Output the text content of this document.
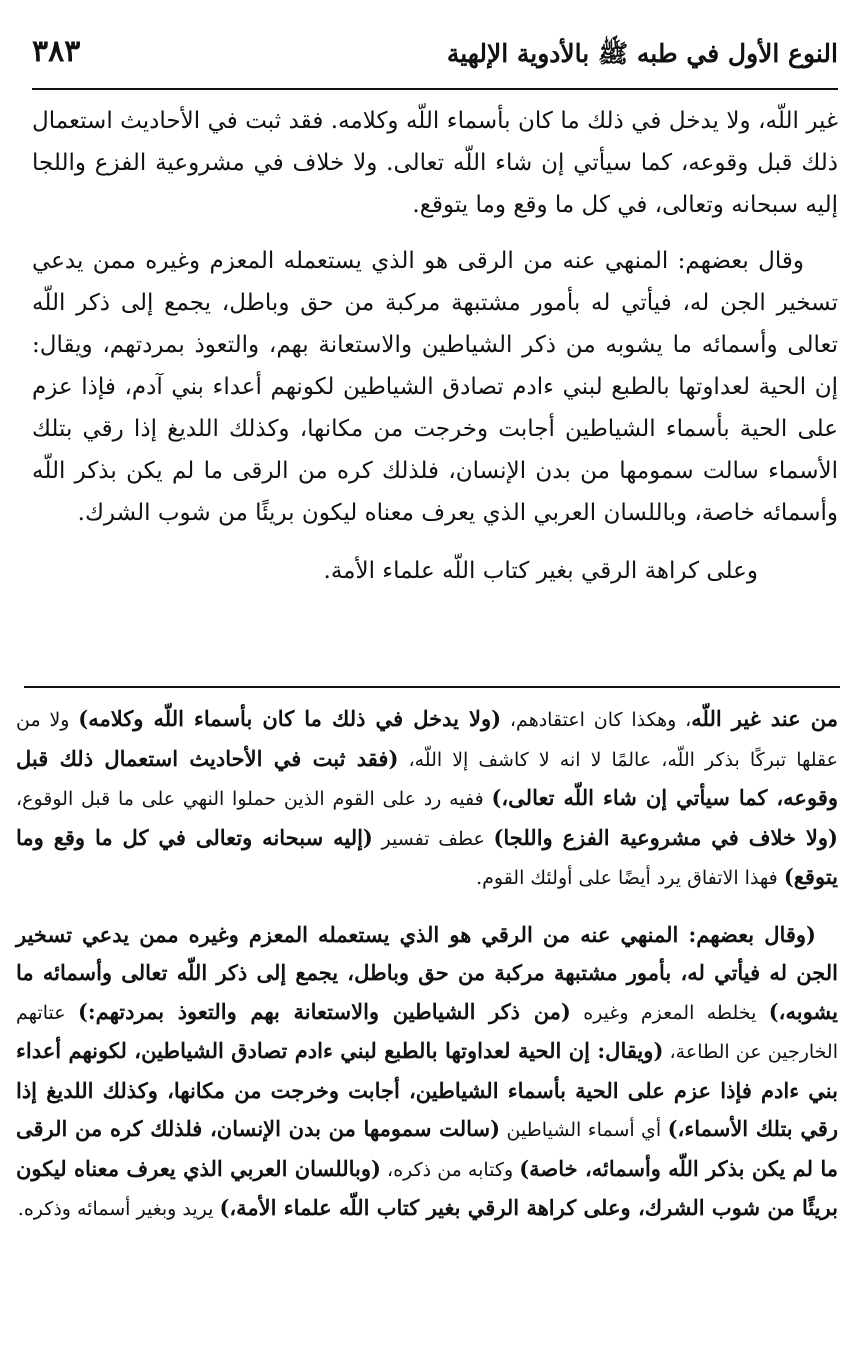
النوع الأول في طبه ﷺ بالأدوية الإلهية
٣٨٣

غير اللّه، ولا يدخل في ذلك ما كان بأسماء اللّه وكلامه. فقد ثبت في الأحاديث استعمال ذلك قبل وقوعه، كما سيأتي إن شاء اللّه تعالى. ولا خلاف في مشروعية الفزع واللجا إليه سبحانه وتعالى، في كل ما وقع وما يتوقع.

وقال بعضهم: المنهي عنه من الرقى هو الذي يستعمله المعزم وغيره ممن يدعي تسخير الجن له، فيأتي له بأمور مشتبهة مركبة من حق وباطل، يجمع إلى ذكر اللّه تعالى وأسمائه ما يشوبه من ذكر الشياطين والاستعانة بهم، والتعوذ بمردتهم، ويقال: إن الحية لعداوتها بالطبع لبني ءادم تصادق الشياطين لكونهم أعداء بني آدم، فإذا عزم على الحية بأسماء الشياطين أجابت وخرجت من مكانها، وكذلك اللديغ إذا رقي بتلك الأسماء سالت سمومها من بدن الإنسان، فلذلك كره من الرقى ما لم يكن بذكر اللّه وأسمائه خاصة، وباللسان العربي الذي يعرف معناه ليكون بريئًا من شوب الشرك.

وعلى كراهة الرقي بغير كتاب اللّه علماء الأمة.

من عند غير اللّه، وهكذا كان اعتقادهم، (ولا يدخل في ذلك ما كان بأسماء اللّه وكلامه) ولا من عقلها تبركًا بذكر اللّه، عالمًا لا انه لا كاشف إلا اللّه، (فقد ثبت في الأحاديث استعمال ذلك قبل وقوعه، كما سيأتي إن شاء اللّه تعالى،) ففيه رد على القوم الذين حملوا النهي على ما قبل الوقوع، (ولا خلاف في مشروعية الفزع واللجا) عطف تفسير (إليه سبحانه وتعالى في كل ما وقع وما يتوقع) فهذا الاتفاق يرد أيضًا على أولئك القوم.

(وقال بعضهم: المنهي عنه من الرقي هو الذي يستعمله المعزم وغيره ممن يدعي تسخير الجن له فيأتي له، بأمور مشتبهة مركبة من حق وباطل، يجمع إلى ذكر اللّه تعالى وأسمائه ما يشوبه،) يخلطه المعزم وغيره (من ذكر الشياطين والاستعانة بهم والتعوذ بمردتهم:) عتاتهم الخارجين عن الطاعة، (ويقال: إن الحية لعداوتها بالطبع لبني ءادم تصادق الشياطين، لكونهم أعداء بني ءادم فإذا عزم على الحية بأسماء الشياطين، أجابت وخرجت من مكانها، وكذلك اللديغ إذا رقي بتلك الأسماء،) أي أسماء الشياطين (سالت سمومها من بدن الإنسان، فلذلك كره من الرقى ما لم يكن بذكر اللّه وأسمائه، خاصة) وكتابه من ذكره، (وباللسان العربي الذي يعرف معناه ليكون بريئًا من شوب الشرك، وعلى كراهة الرقي بغير كتاب اللّه علماء الأمة،) يريد وبغير أسمائه وذكره.
